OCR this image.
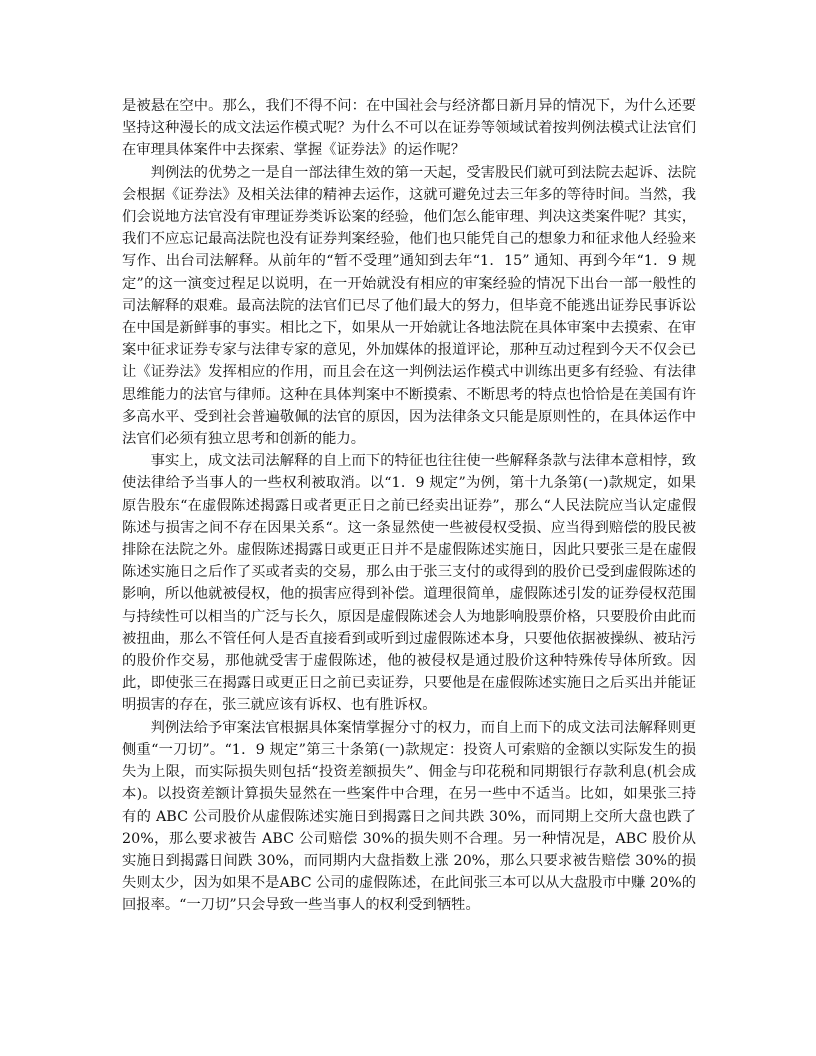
是被悬在空中。那么，我们不得不问：在中国社会与经济都日新月异的情况下，为什么还要坚持这种漫长的成文法运作模式呢？为什么不可以在证券等领域试着按判例法模式让法官们在审理具体案件中去探索、掌握《证券法》的运作呢？

判例法的优势之一是自一部法律生效的第一天起，受害股民们就可到法院去起诉、法院会根据《证券法》及相关法律的精神去运作，这就可避免过去三年多的等待时间。当然，我们会说地方法官没有审理证券类诉讼案的经验，他们怎么能审理、判决这类案件呢？其实，我们不应忘记最高法院也没有证券判案经验，他们也只能凭自己的想象力和征求他人经验来写作、出台司法解释。从前年的“暂不受理”通知到去年“1．15” 通知、再到今年“1．9 规定”的这一演变过程足以说明，在一开始就没有相应的审案经验的情况下出台一部一般性的司法解释的艰难。最高法院的法官们已尽了他们最大的努力，但毕竟不能逃出证券民事诉讼在中国是新鲜事的事实。相比之下，如果从一开始就让各地法院在具体审案中去摸索、在审案中征求证券专家与法律专家的意见，外加媒体的报道评论，那种互动过程到今天不仅会已让《证券法》发挥相应的作用，而且会在这一判例法运作模式中训练出更多有经验、有法律思维能力的法官与律师。这种在具体判案中不断摸索、不断思考的特点也恰恰是在美国有许多高水平、受到社会普遍敬佩的法官的原因，因为法律条文只能是原则性的，在具体运作中法官们必须有独立思考和创新的能力。

事实上，成文法司法解释的自上而下的特征也往往使一些解释条款与法律本意相悖，致使法律给予当事人的一些权利被取消。以“1．9 规定”为例，第十九条第(一)款规定，如果原告股东“在虚假陈述揭露日或者更正日之前已经卖出证券”，那么“人民法院应当认定虚假陈述与损害之间不存在因果关系“。这一条显然使一些被侵权受损、应当得到赔偿的股民被排除在法院之外。虚假陈述揭露日或更正日并不是虚假陈述实施日，因此只要张三是在虚假陈述实施日之后作了买或者卖的交易，那么由于张三支付的或得到的股价已受到虚假陈述的影响，所以他就被侵权，他的损害应得到补偿。道理很简单，虚假陈述引发的证券侵权范围与持续性可以相当的广泛与长久，原因是虚假陈述会人为地影响股票价格，只要股价由此而被扭曲，那么不管任何人是否直接看到或听到过虚假陈述本身，只要他依据被操纵、被玷污的股价作交易，那他就受害于虚假陈述，他的被侵权是通过股价这种特殊传导体所致。因此，即使张三在揭露日或更正日之前已卖证券，只要他是在虚假陈述实施日之后买出并能证明损害的存在，张三就应该有诉权、也有胜诉权。

判例法给予审案法官根据具体案情掌握分寸的权力，而自上而下的成文法司法解释则更侧重“一刀切”。“1．9 规定”第三十条第(一)款规定：投资人可索赔的金额以实际发生的损失为上限，而实际损失则包括“投资差额损失”、佣金与印花税和同期银行存款利息(机会成本)。以投资差额计算损失显然在一些案件中合理，在另一些中不适当。比如，如果张三持有的 ABC 公司股价从虚假陈述实施日到揭露日之间共跌 30%，而同期上交所大盘也跌了 20%，那么要求被告 ABC 公司赔偿 30%的损失则不合理。另一种情况是，ABC 股价从实施日到揭露日间跌 30%，而同期内大盘指数上涨 20%，那么只要求被告赔偿 30%的损失则太少，因为如果不是ABC 公司的虚假陈述，在此间张三本可以从大盘股市中赚 20%的回报率。“一刀切”只会导致一些当事人的权利受到牺牲。
